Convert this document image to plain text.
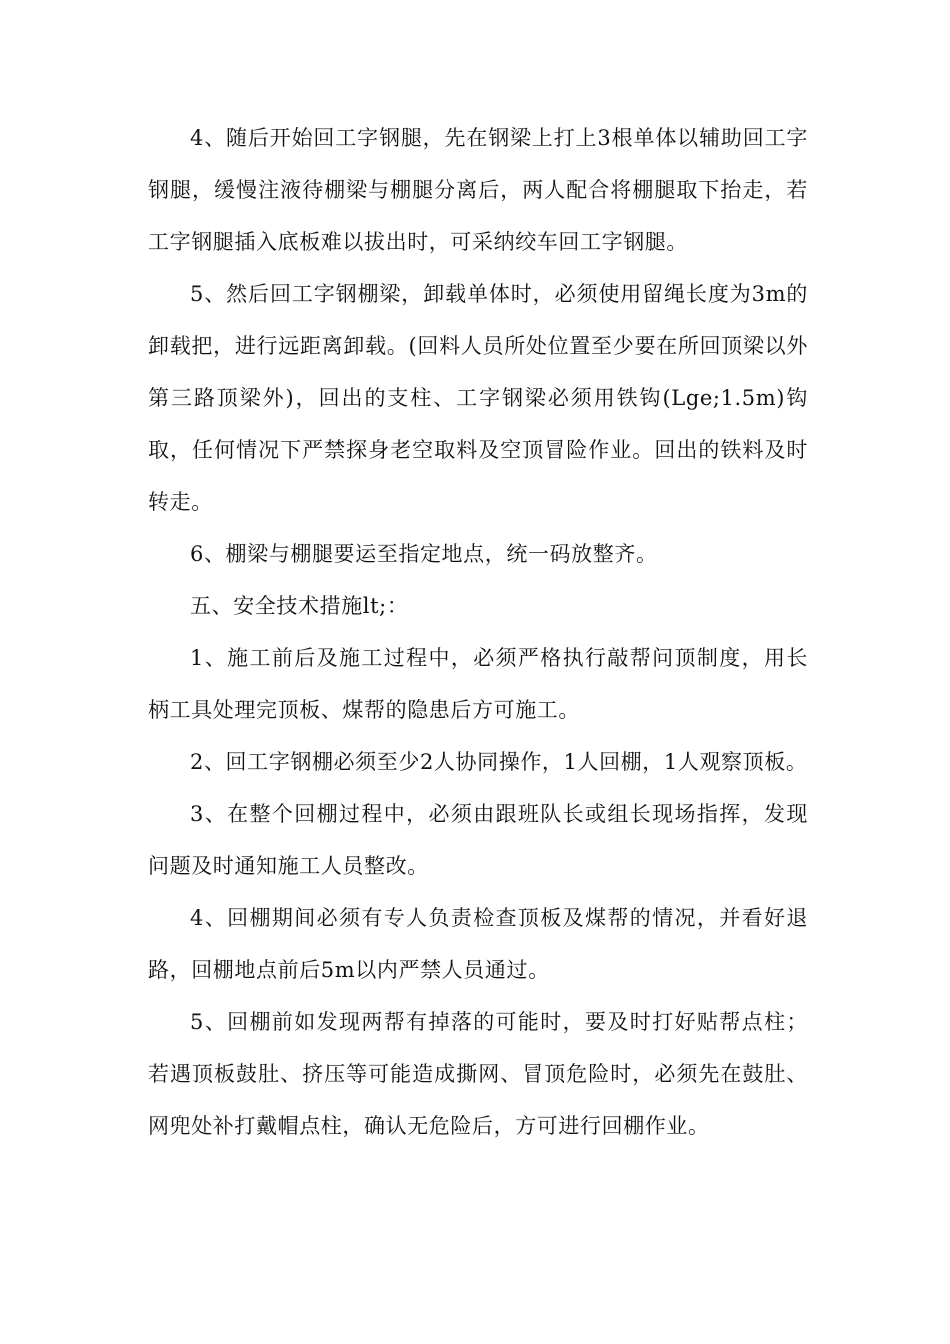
4、随后开始回工字钢腿，先在钢梁上打上3根单体以辅助回工字钢腿，缓慢注液待棚梁与棚腿分离后，两人配合将棚腿取下抬走，若工字钢腿插入底板难以拔出时，可采纳绞车回工字钢腿。

5、然后回工字钢棚梁，卸载单体时，必须使用留绳长度为3m的卸载把，进行远距离卸载。(回料人员所处位置至少要在所回顶梁以外第三路顶梁外)，回出的支柱、工字钢梁必须用铁钩(Lge;1.5m)钩取，任何情况下严禁探身老空取料及空顶冒险作业。回出的铁料及时转走。

6、棚梁与棚腿要运至指定地点，统一码放整齐。

五、安全技术措施lt;：

1、施工前后及施工过程中，必须严格执行敲帮问顶制度，用长柄工具处理完顶板、煤帮的隐患后方可施工。

2、回工字钢棚必须至少2人协同操作，1人回棚，1人观察顶板。

3、在整个回棚过程中，必须由跟班队长或组长现场指挥，发现问题及时通知施工人员整改。

4、回棚期间必须有专人负责检查顶板及煤帮的情况，并看好退路，回棚地点前后5m以内严禁人员通过。

5、回棚前如发现两帮有掉落的可能时，要及时打好贴帮点柱；若遇顶板鼓肚、挤压等可能造成撕网、冒顶危险时，必须先在鼓肚、网兜处补打戴帽点柱，确认无危险后，方可进行回棚作业。
